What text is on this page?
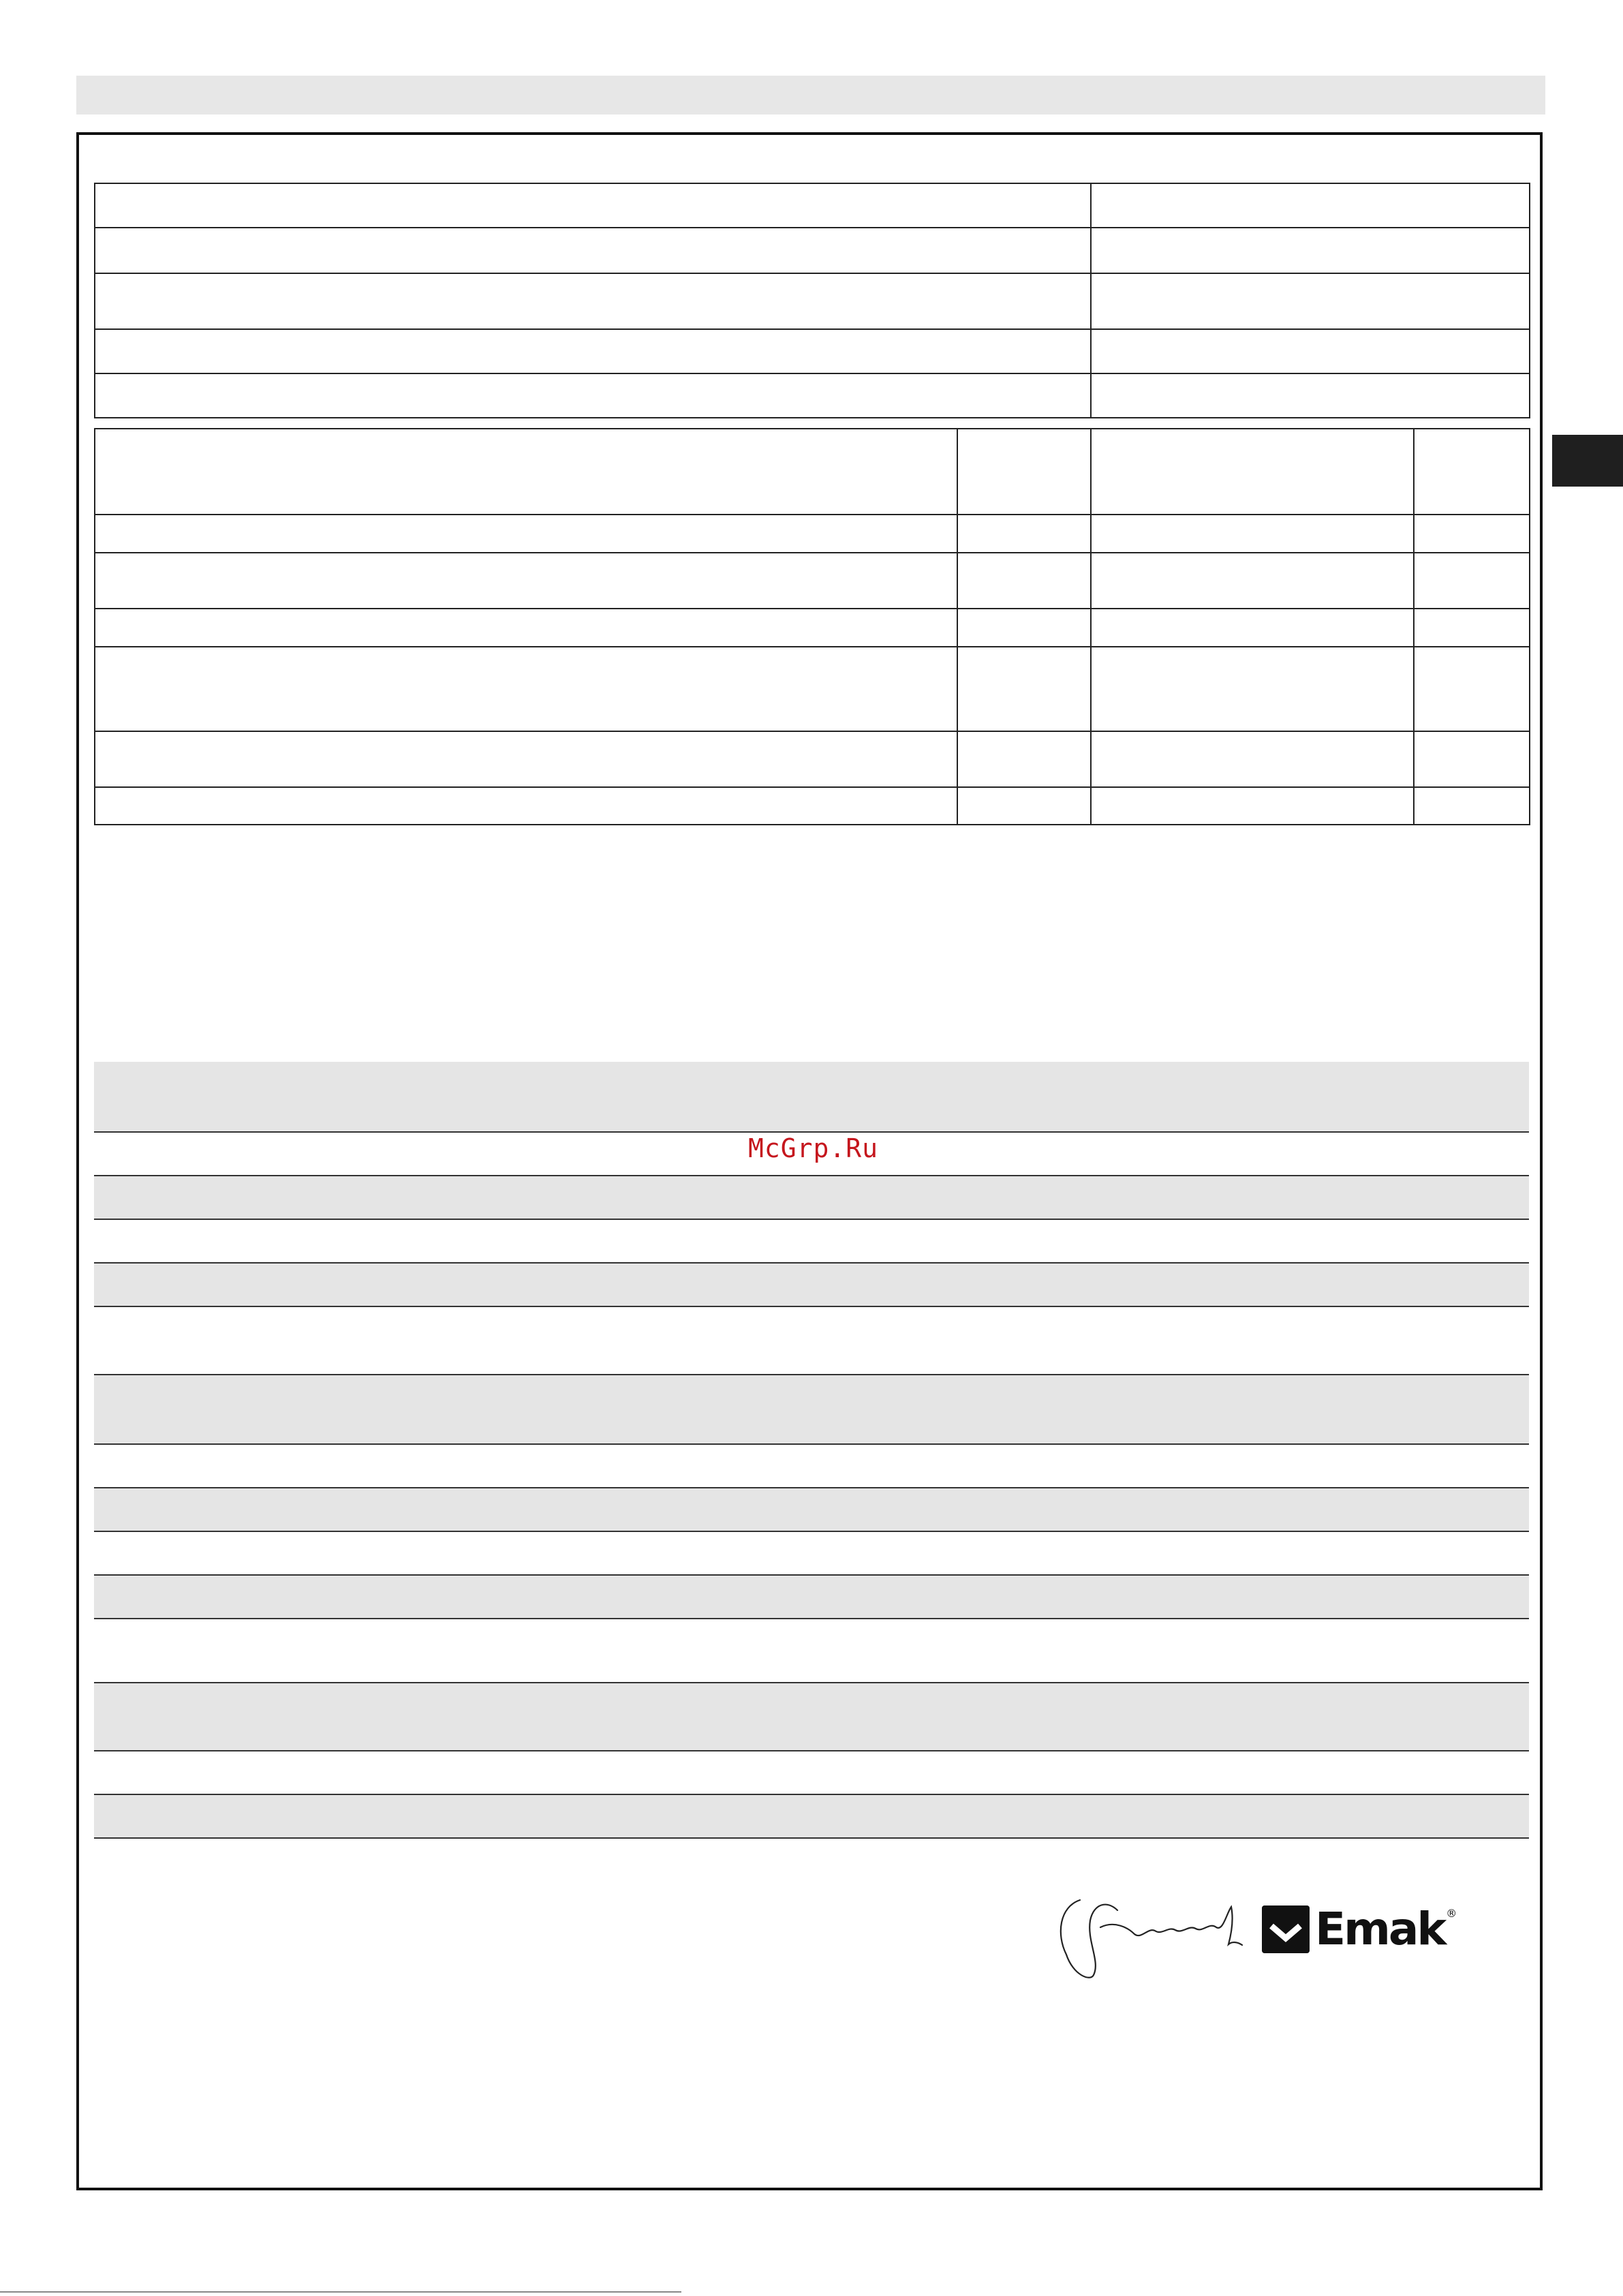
McGrp.Ru
Emak ®
